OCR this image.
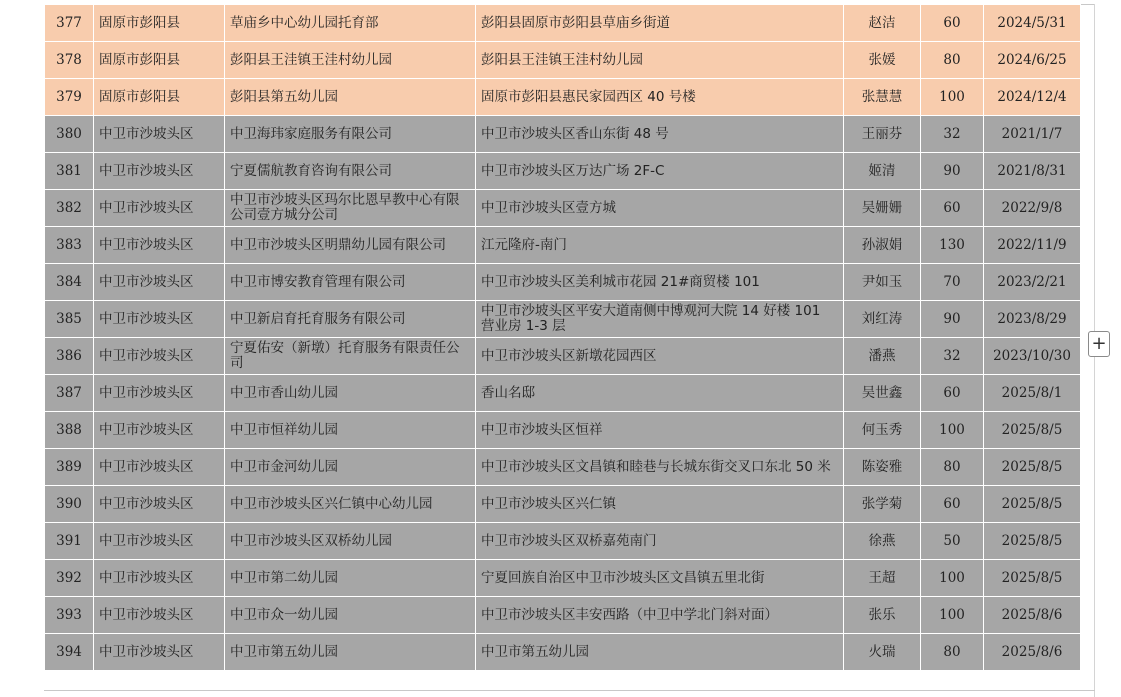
377	固原市彭阳县	草庙乡中心幼儿园托育部	彭阳县固原市彭阳县草庙乡街道	赵洁	60	2024/5/31
378	固原市彭阳县	彭阳县王洼镇王洼村幼儿园	彭阳县王洼镇王洼村幼儿园	张媛	80	2024/6/25
379	固原市彭阳县	彭阳县第五幼儿园	固原市彭阳县惠民家园西区 40 号楼	张慧慧	100	2024/12/4
380	中卫市沙坡头区	中卫海玮家庭服务有限公司	中卫市沙坡头区香山东街 48 号	王丽芬	32	2021/1/7
381	中卫市沙坡头区	宁夏儒航教育咨询有限公司	中卫市沙坡头区万达广场 2F-C	姬清	90	2021/8/31
382	中卫市沙坡头区	中卫市沙坡头区玛尔比恩早教中心有限公司壹方城分公司	中卫市沙坡头区壹方城	吴姗姗	60	2022/9/8
383	中卫市沙坡头区	中卫市沙坡头区明鼎幼儿园有限公司	江元隆府-南门	孙淑娟	130	2022/11/9
384	中卫市沙坡头区	中卫市博安教育管理有限公司	中卫市沙坡头区美利城市花园 21#商贸楼 101	尹如玉	70	2023/2/21
385	中卫市沙坡头区	中卫新启育托育服务有限公司	中卫市沙坡头区平安大道南侧中博观河大院 14 好楼 101 营业房 1-3 层	刘红涛	90	2023/8/29
386	中卫市沙坡头区	宁夏佑安（新墩）托育服务有限责任公司	中卫市沙坡头区新墩花园西区	潘燕	32	2023/10/30
387	中卫市沙坡头区	中卫市香山幼儿园	香山名邸	吴世鑫	60	2025/8/1
388	中卫市沙坡头区	中卫市恒祥幼儿园	中卫市沙坡头区恒祥	何玉秀	100	2025/8/5
389	中卫市沙坡头区	中卫市金河幼儿园	中卫市沙坡头区文昌镇和睦巷与长城东街交叉口东北 50 米	陈姿雅	80	2025/8/5
390	中卫市沙坡头区	中卫市沙坡头区兴仁镇中心幼儿园	中卫市沙坡头区兴仁镇	张学菊	60	2025/8/5
391	中卫市沙坡头区	中卫市沙坡头区双桥幼儿园	中卫市沙坡头区双桥嘉苑南门	徐燕	50	2025/8/5
392	中卫市沙坡头区	中卫市第二幼儿园	宁夏回族自治区中卫市沙坡头区文昌镇五里北街	王超	100	2025/8/5
393	中卫市沙坡头区	中卫市众一幼儿园	中卫市沙坡头区丰安西路（中卫中学北门斜对面）	张乐	100	2025/8/6
394	中卫市沙坡头区	中卫市第五幼儿园	中卫市第五幼儿园	火瑞	80	2025/8/6
+
